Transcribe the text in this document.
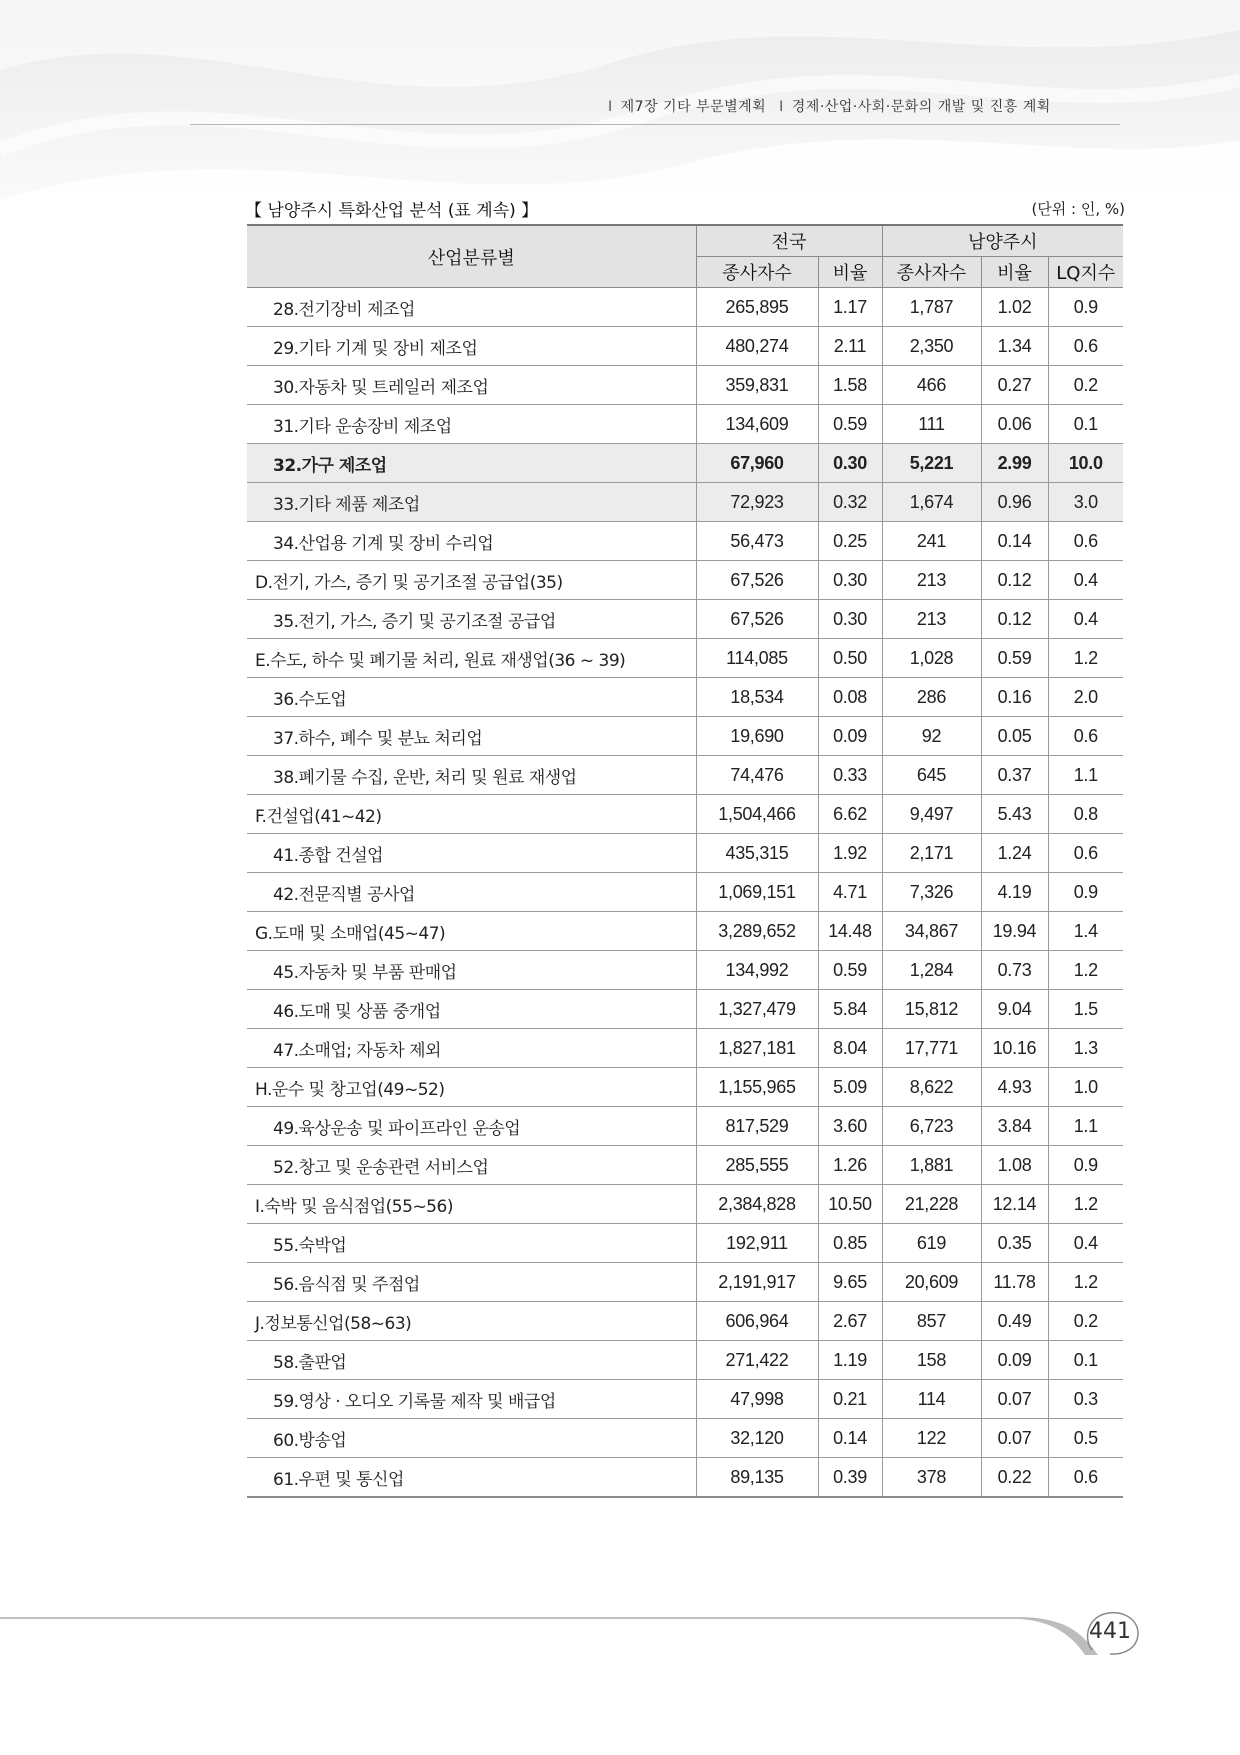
I 제7장 기타 부문별계획 I 경제·산업·사회·문화의 개발 및 진흥 계획
【 남양주시 특화산업 분석 (표 계속) 】	(단위 : 인, %)
산업분류별	전국		남양주시		
	종사자수	비율	종사자수	비율	LQ지수
28.전기장비 제조업	265,895	1.17	1,787	1.02	0.9
29.기타 기계 및 장비 제조업	480,274	2.11	2,350	1.34	0.6
30.자동차 및 트레일러 제조업	359,831	1.58	466	0.27	0.2
31.기타 운송장비 제조업	134,609	0.59	111	0.06	0.1
32.가구 제조업	67,960	0.30	5,221	2.99	10.0
33.기타 제품 제조업	72,923	0.32	1,674	0.96	3.0
34.산업용 기계 및 장비 수리업	56,473	0.25	241	0.14	0.6
D.전기, 가스, 증기 및 공기조절 공급업(35)	67,526	0.30	213	0.12	0.4
35.전기, 가스, 증기 및 공기조절 공급업	67,526	0.30	213	0.12	0.4
E.수도, 하수 및 폐기물 처리, 원료 재생업(36 ~ 39)	114,085	0.50	1,028	0.59	1.2
36.수도업	18,534	0.08	286	0.16	2.0
37.하수, 폐수 및 분뇨 처리업	19,690	0.09	92	0.05	0.6
38.폐기물 수집, 운반, 처리 및 원료 재생업	74,476	0.33	645	0.37	1.1
F.건설업(41~42)	1,504,466	6.62	9,497	5.43	0.8
41.종합 건설업	435,315	1.92	2,171	1.24	0.6
42.전문직별 공사업	1,069,151	4.71	7,326	4.19	0.9
G.도매 및 소매업(45~47)	3,289,652	14.48	34,867	19.94	1.4
45.자동차 및 부품 판매업	134,992	0.59	1,284	0.73	1.2
46.도매 및 상품 중개업	1,327,479	5.84	15,812	9.04	1.5
47.소매업; 자동차 제외	1,827,181	8.04	17,771	10.16	1.3
H.운수 및 창고업(49~52)	1,155,965	5.09	8,622	4.93	1.0
49.육상운송 및 파이프라인 운송업	817,529	3.60	6,723	3.84	1.1
52.창고 및 운송관련 서비스업	285,555	1.26	1,881	1.08	0.9
I.숙박 및 음식점업(55~56)	2,384,828	10.50	21,228	12.14	1.2
55.숙박업	192,911	0.85	619	0.35	0.4
56.음식점 및 주점업	2,191,917	9.65	20,609	11.78	1.2
J.정보통신업(58~63)	606,964	2.67	857	0.49	0.2
58.출판업	271,422	1.19	158	0.09	0.1
59.영상 · 오디오 기록물 제작 및 배급업	47,998	0.21	114	0.07	0.3
60.방송업	32,120	0.14	122	0.07	0.5
61.우편 및 통신업	89,135	0.39	378	0.22	0.6
441
